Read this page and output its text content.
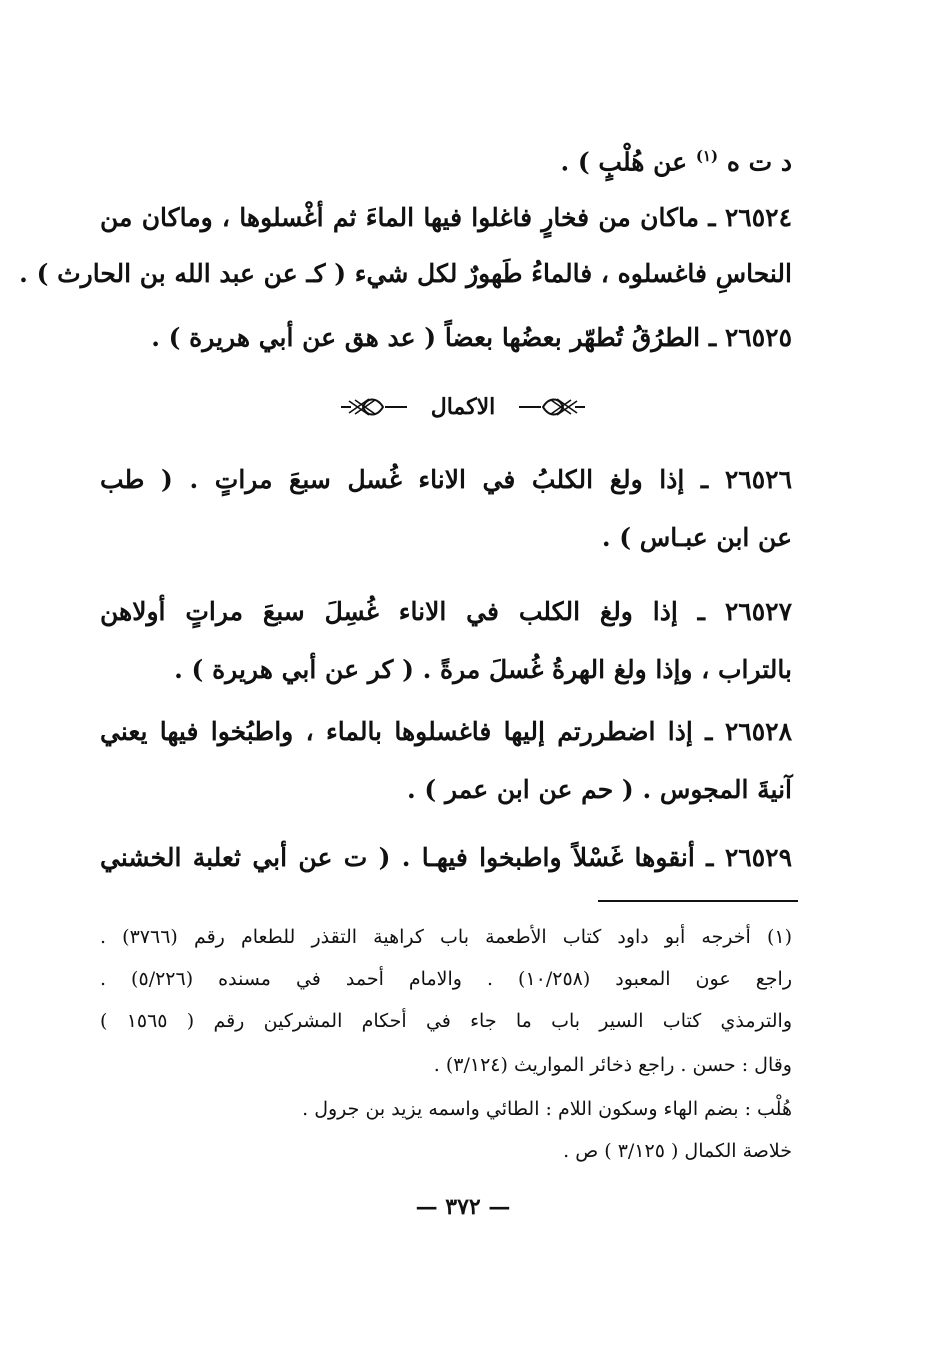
د ت ه $^{(١)}$ عن هُلْبٍ ) .
٢٦٥٢٤ ـ ماكان من فخارٍ فاغلوا فيها الماءَ ثم أغْسلوها ، وماكان من
النحاسِ فاغسلوه ، فالماءُ طَهورٌ لكل شيء ( كـ عن عبد الله بن الحارث ) .
٢٦٥٢٥ ـ الطرُقُ تُطهّر بعضُها بعضاً ( عد هق عن أبي هريرة ) .
الاكمال
٢٦٥٢٦ ـ إذا ولغ الكلبُ في الاناء غُسل سبعَ مراتٍ . ( طب
عن ابن عبـاس ) .
٢٦٥٢٧ ـ إذا ولغ الكلب في الاناء غُسِلَ سبعَ مراتٍ أولاهن
بالتراب ، وإذا ولغ الهرةُ غُسلَ مرةً . ( كر عن أبي هريرة ) .
٢٦٥٢٨ ـ إذا اضطررتم إليها فاغسلوها بالماء ، واطبُخوا فيها يعني
آنيةَ المجوس . ( حم عن ابن عمر ) .
٢٦٥٢٩ ـ أنقوها غَسْلاً واطبخوا فيهـا . ( ت عن أبي ثعلبة الخشني
(١) أخرجه أبو داود كتاب الأطعمة باب كراهية التقذر للطعام رقم (٣٧٦٦) .
راجع عون المعبود (١٠/٢٥٨) . والامام أحمد في مسنده (٥/٢٢٦) .
والترمذي كتاب السير باب ما جاء في أحكام المشركين رقم ( ١٥٦٥ )
وقال : حسن . راجع ذخائر المواريث (٣/١٢٤) .
هُلْب : بضم الهاء وسكون اللام : الطائي واسمه يزيد بن جرول .
خلاصة الكمال ( ٣/١٢٥ ) ص .
— ٣٧٢ —
